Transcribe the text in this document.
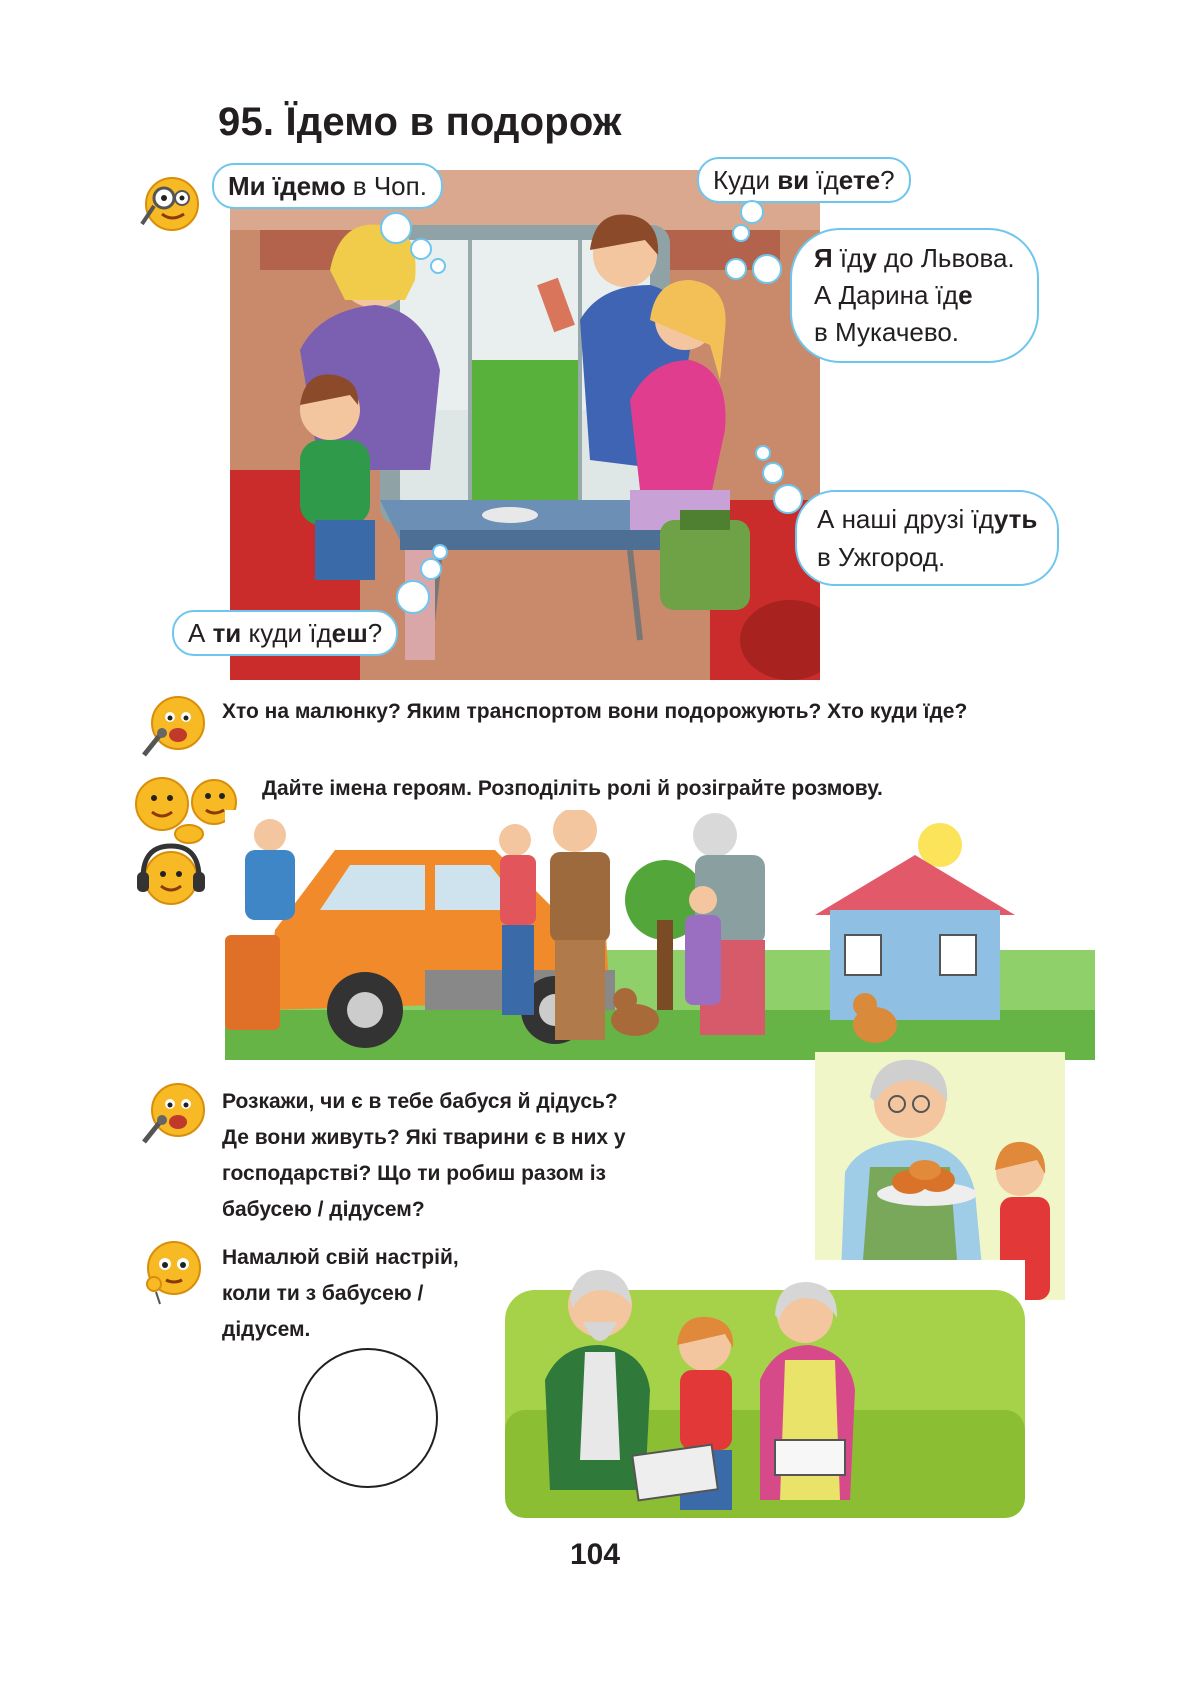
95. Їдемо в подорож
Ми їдемо в Чоп.	Куди ви їдете?
Я їду до Львова.
А Дарина їде
в Мукачево.
А наші друзі їдуть
в Ужгород.
А ти куди їдеш?
Хто на малюнку? Яким транспортом вони подорожують? Хто куди їде?
Дайте імена героям. Розподіліть ролі й розіграйте розмову.
Розкажи, чи є в тебе бабуся й дідусь?
Де вони живуть? Які тварини є в них у
господарстві? Що ти робиш разом із
бабусею / дідусем?
Намалюй свій настрій,
коли ти з бабусею /
дідусем.
104
